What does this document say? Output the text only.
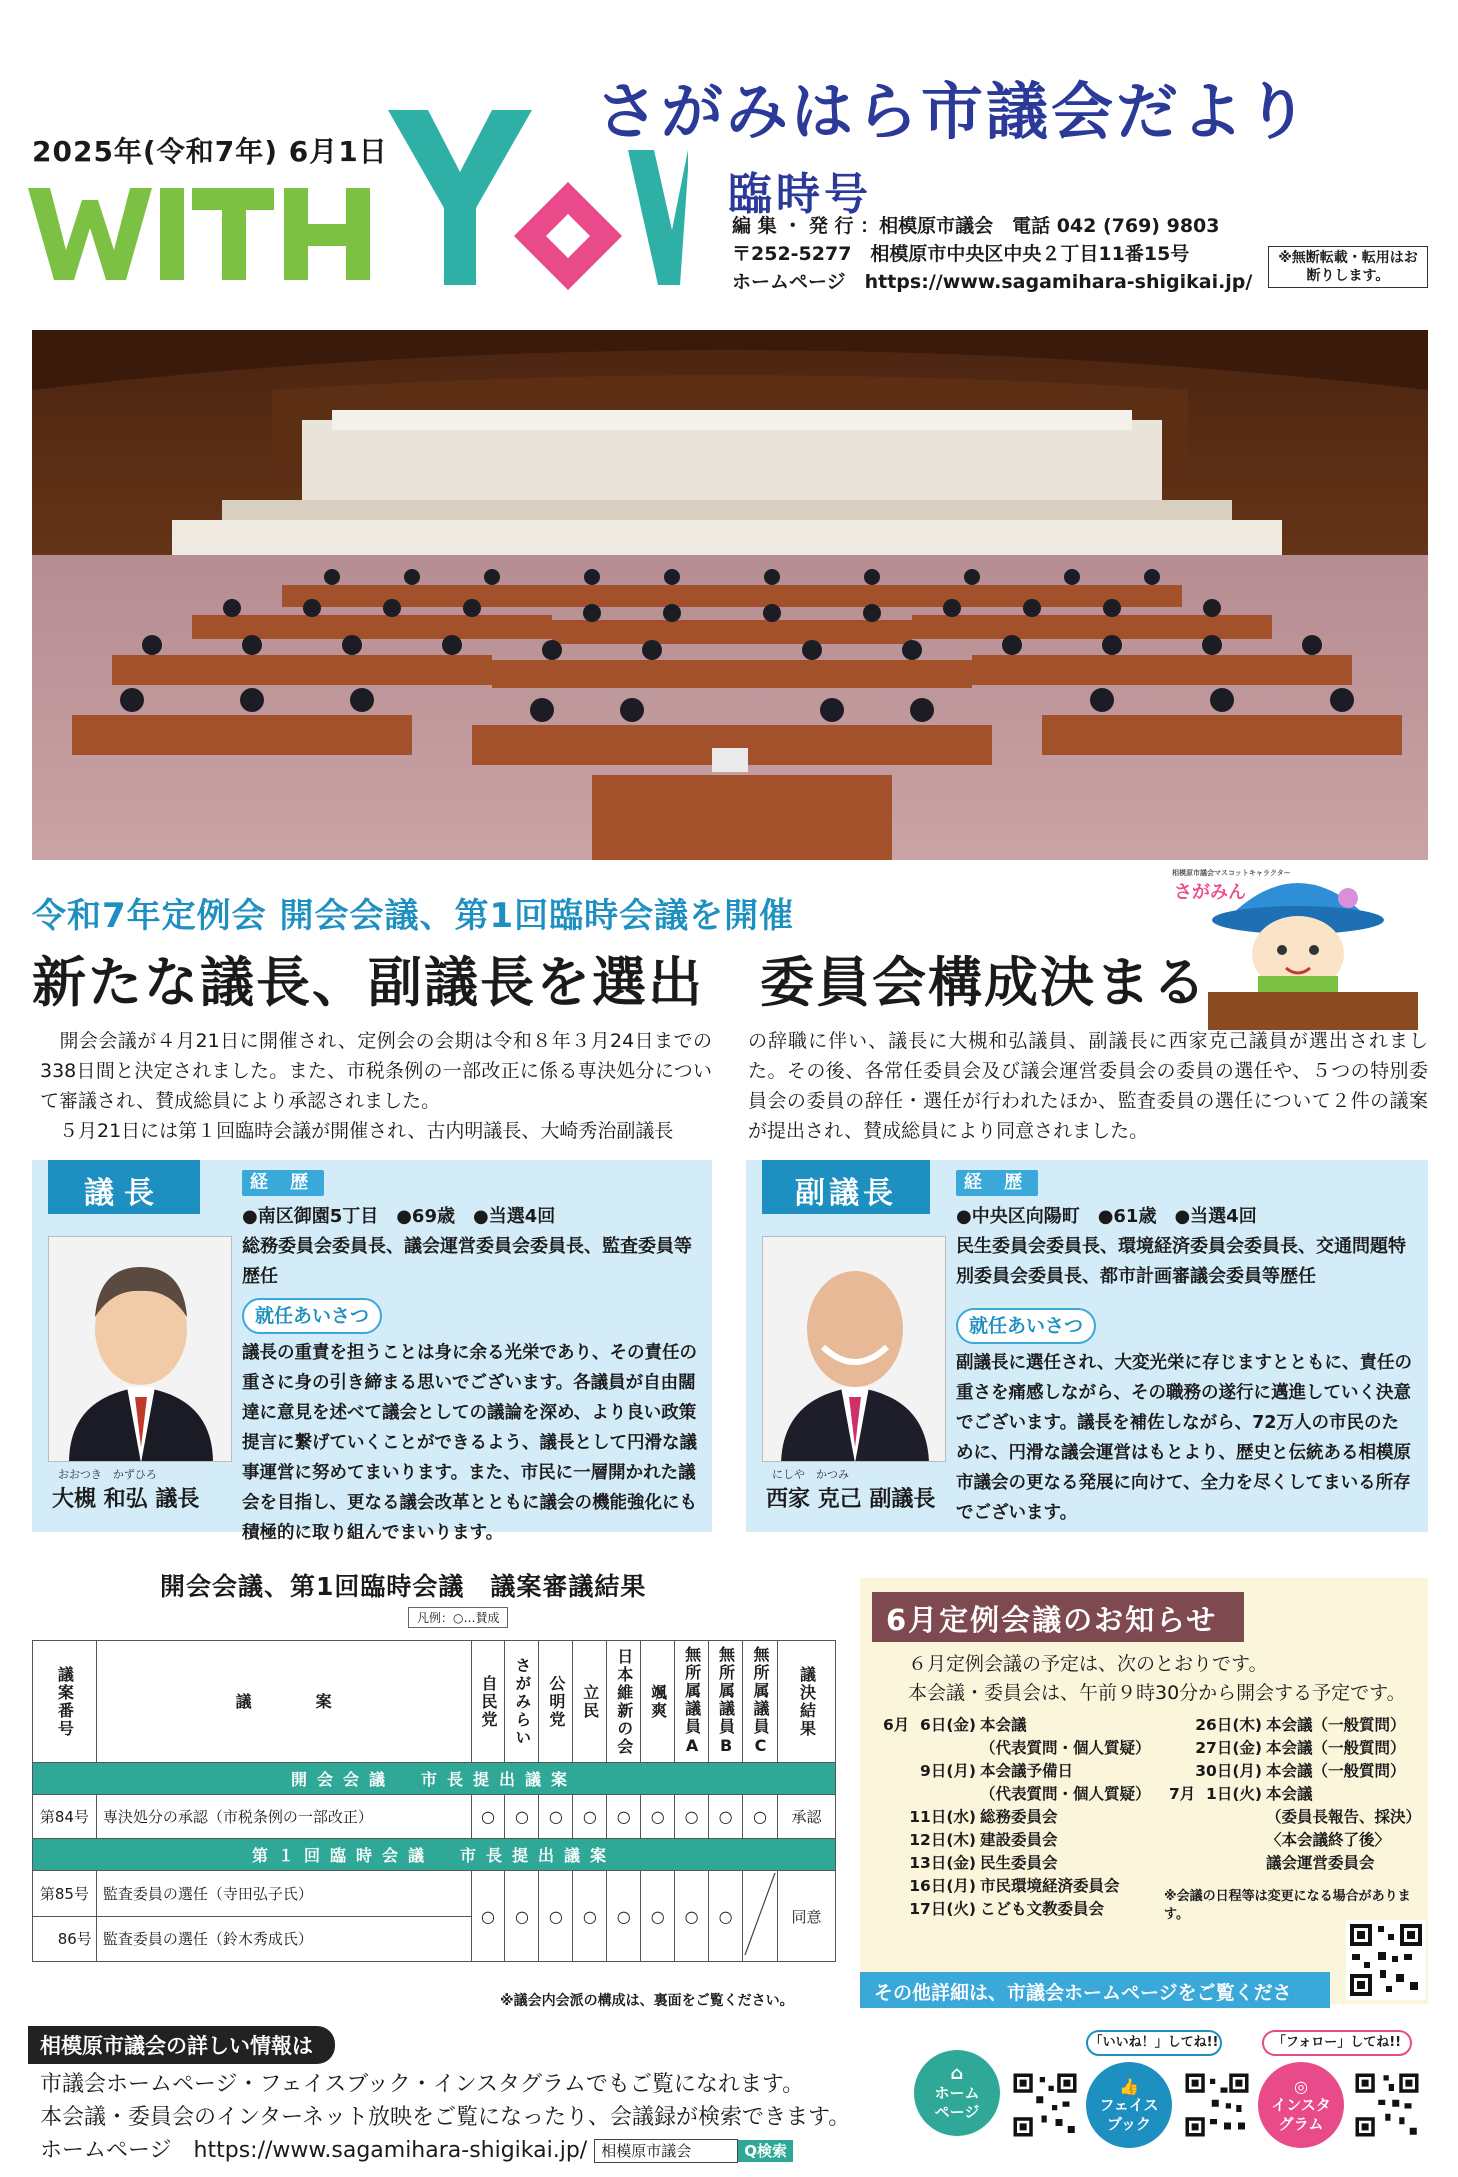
2025年(令和7年) 6月1日
さがみはら市議会だより
臨時号
編 集 ・ 発 行 ：相模原市議会　電話 042 (769) 9803
〒252-5277　相模原市中央区中央２丁目11番15号
ホームページ　https://www.sagamihara-shigikai.jp/
※無断転載・転用はお断りします。
令和7年定例会 開会会議、第1回臨時会議を開催
新たな議長、副議長を選出　委員会構成決まる
相模原市議会マスコットキャラクター
さがみん
　開会会議が４月21日に開催され、定例会の会期は令和８年３月24日までの338日間と決定されました。また、市税条例の一部改正に係る専決処分について審議され、賛成総員により承認されました。
　５月21日には第１回臨時会議が開催され、古内明議長、大崎秀治副議長
の辞職に伴い、議長に大槻和弘議員、副議長に西家克己議員が選出されました。その後、各常任委員会及び議会運営委員会の委員の選任や、５つの特別委員会の委員の辞任・選任が行われたほか、監査委員の選任について２件の議案が提出され、賛成総員により同意されました。
議長	経 歴
●南区御園5丁目　●69歳　●当選4回
総務委員会委員長、議会運営委員会委員長、監査委員等歴任
おおつき　かずひろ
大槻 和弘 議長
就任あいさつ
議長の重責を担うことは身に余る光栄であり、その責任の重さに身の引き締まる思いでございます。各議員が自由闊達に意見を述べて議会としての議論を深め、より良い政策提言に繋げていくことができるよう、議長として円滑な議事運営に努めてまいります。また、市民に一層開かれた議会を目指し、更なる議会改革とともに議会の機能強化にも積極的に取り組んでまいります。
副議長	経 歴
●中央区向陽町　●61歳　●当選4回
民生委員会委員長、環境経済委員会委員長、交通問題特別委員会委員長、都市計画審議会委員等歴任
にしや　かつみ
西家 克己 副議長
就任あいさつ
副議長に選任され、大変光栄に存じますとともに、責任の重さを痛感しながら、その職務の遂行に邁進していく決意でございます。議長を補佐しながら、72万人の市民のために、円滑な議会運営はもとより、歴史と伝統ある相模原市議会の更なる発展に向けて、全力を尽くしてまいる所存でございます。
開会会議、第1回臨時会議　議案審議結果
凡例：○…賛成
議案番号	議　　　　案	自民党	さがみらい	公明党	立民	日本維新の会	颯爽	無所属議員A	無所属議員B	無所属議員C	議決結果

開会会議　市長提出議案											
第84号	専決処分の承認（市税条例の一部改正）	○	○	○	○	○	○	○	○	○	承認
第１回臨時会議　市長提出議案											
第85号	監査委員の選任（寺田弘子氏）	○	○	○	○	○	○	○	○		同意
86号	監査委員の選任（鈴木秀成氏）										
※議会内会派の構成は、裏面をご覧ください。
6月定例会議のお知らせ
６月定例会議の予定は、次のとおりです。
本会議・委員会は、午前９時30分から開会する予定です。
6月  6日(金) 本会議
（代表質問・個人質疑）
9日(月) 本会議予備日
（代表質問・個人質疑）
11日(水) 総務委員会
12日(木) 建設委員会
13日(金) 民生委員会
16日(月) 市民環境経済委員会
17日(火) こども文教委員会
26日(木) 本会議（一般質問）
27日(金) 本会議（一般質問）
30日(月) 本会議（一般質問）
7月  1日(火) 本会議
（委員長報告、採決）
〈本会議終了後〉
議会運営委員会
※会議の日程等は変更になる場合があります。
その他詳細は、市議会ホームページをご覧ください。
相模原市議会の詳しい情報は
市議会ホームページ・フェイスブック・インスタグラムでもご覧になれます。
本会議・委員会のインターネット放映をご覧になったり、会議録が検索できます。
ホームページ　https://www.sagamihara-shigikai.jp/ 相模原市議会	Q検索
⌂
ホーム ページ
「いいね！」してね!!
👍
フェイス ブック
「フォロー」してね!!
◎
インスタ グラム
